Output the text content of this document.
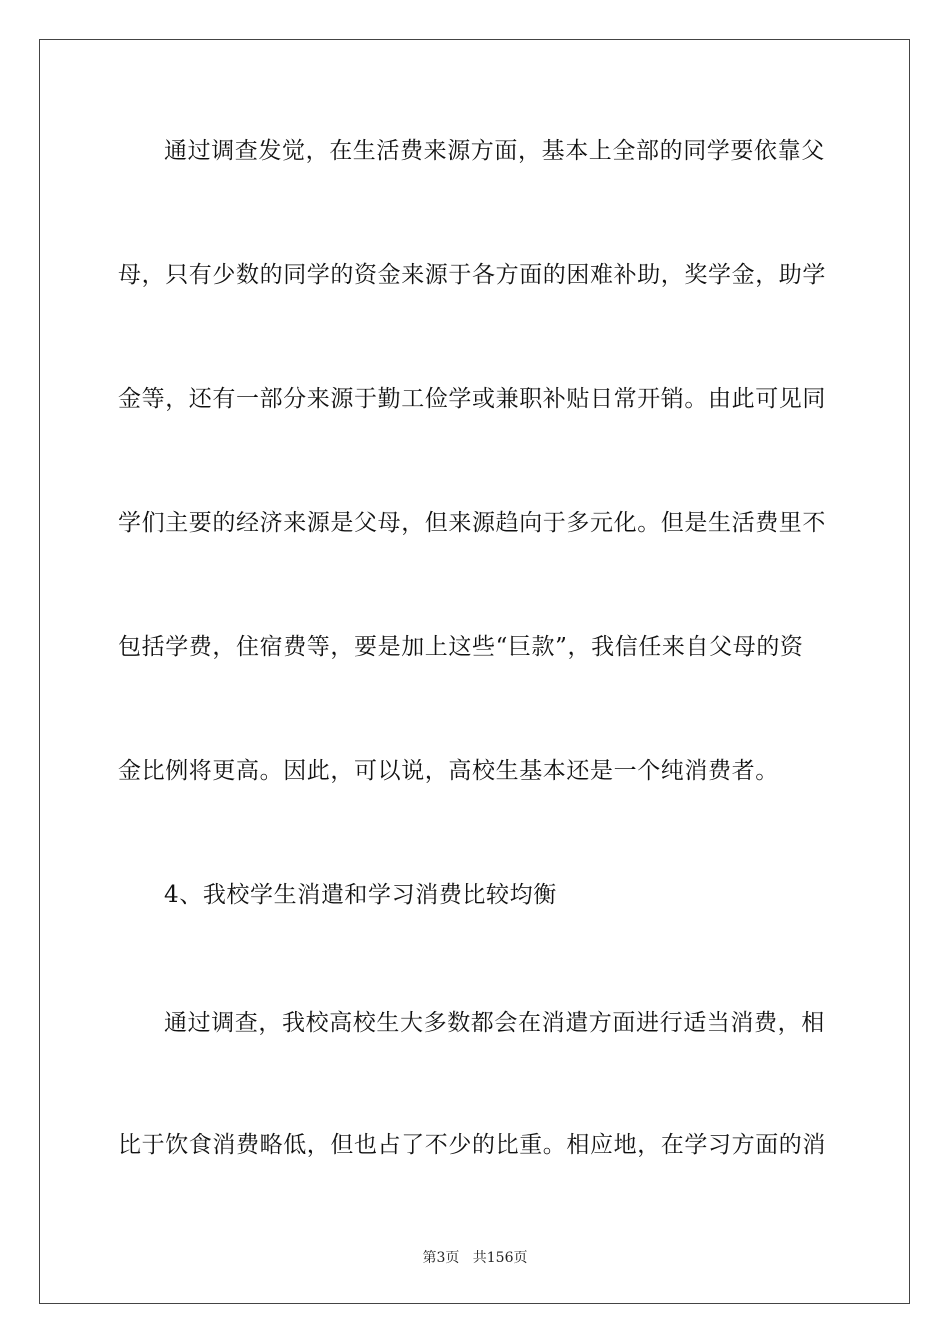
通过调查发觉，在生活费来源方面，基本上全部的同学要依靠父
母，只有少数的同学的资金来源于各方面的困难补助，奖学金，助学
金等，还有一部分来源于勤工俭学或兼职补贴日常开销。由此可见同
学们主要的经济来源是父母，但来源趋向于多元化。但是生活费里不
包括学费，住宿费等，要是加上这些“巨款”，我信任来自父母的资
金比例将更高。因此，可以说，高校生基本还是一个纯消费者。
4、我校学生消遣和学习消费比较均衡
通过调查，我校高校生大多数都会在消遣方面进行适当消费，相
比于饮食消费略低，但也占了不少的比重。相应地，在学习方面的消
第3页 共156页
